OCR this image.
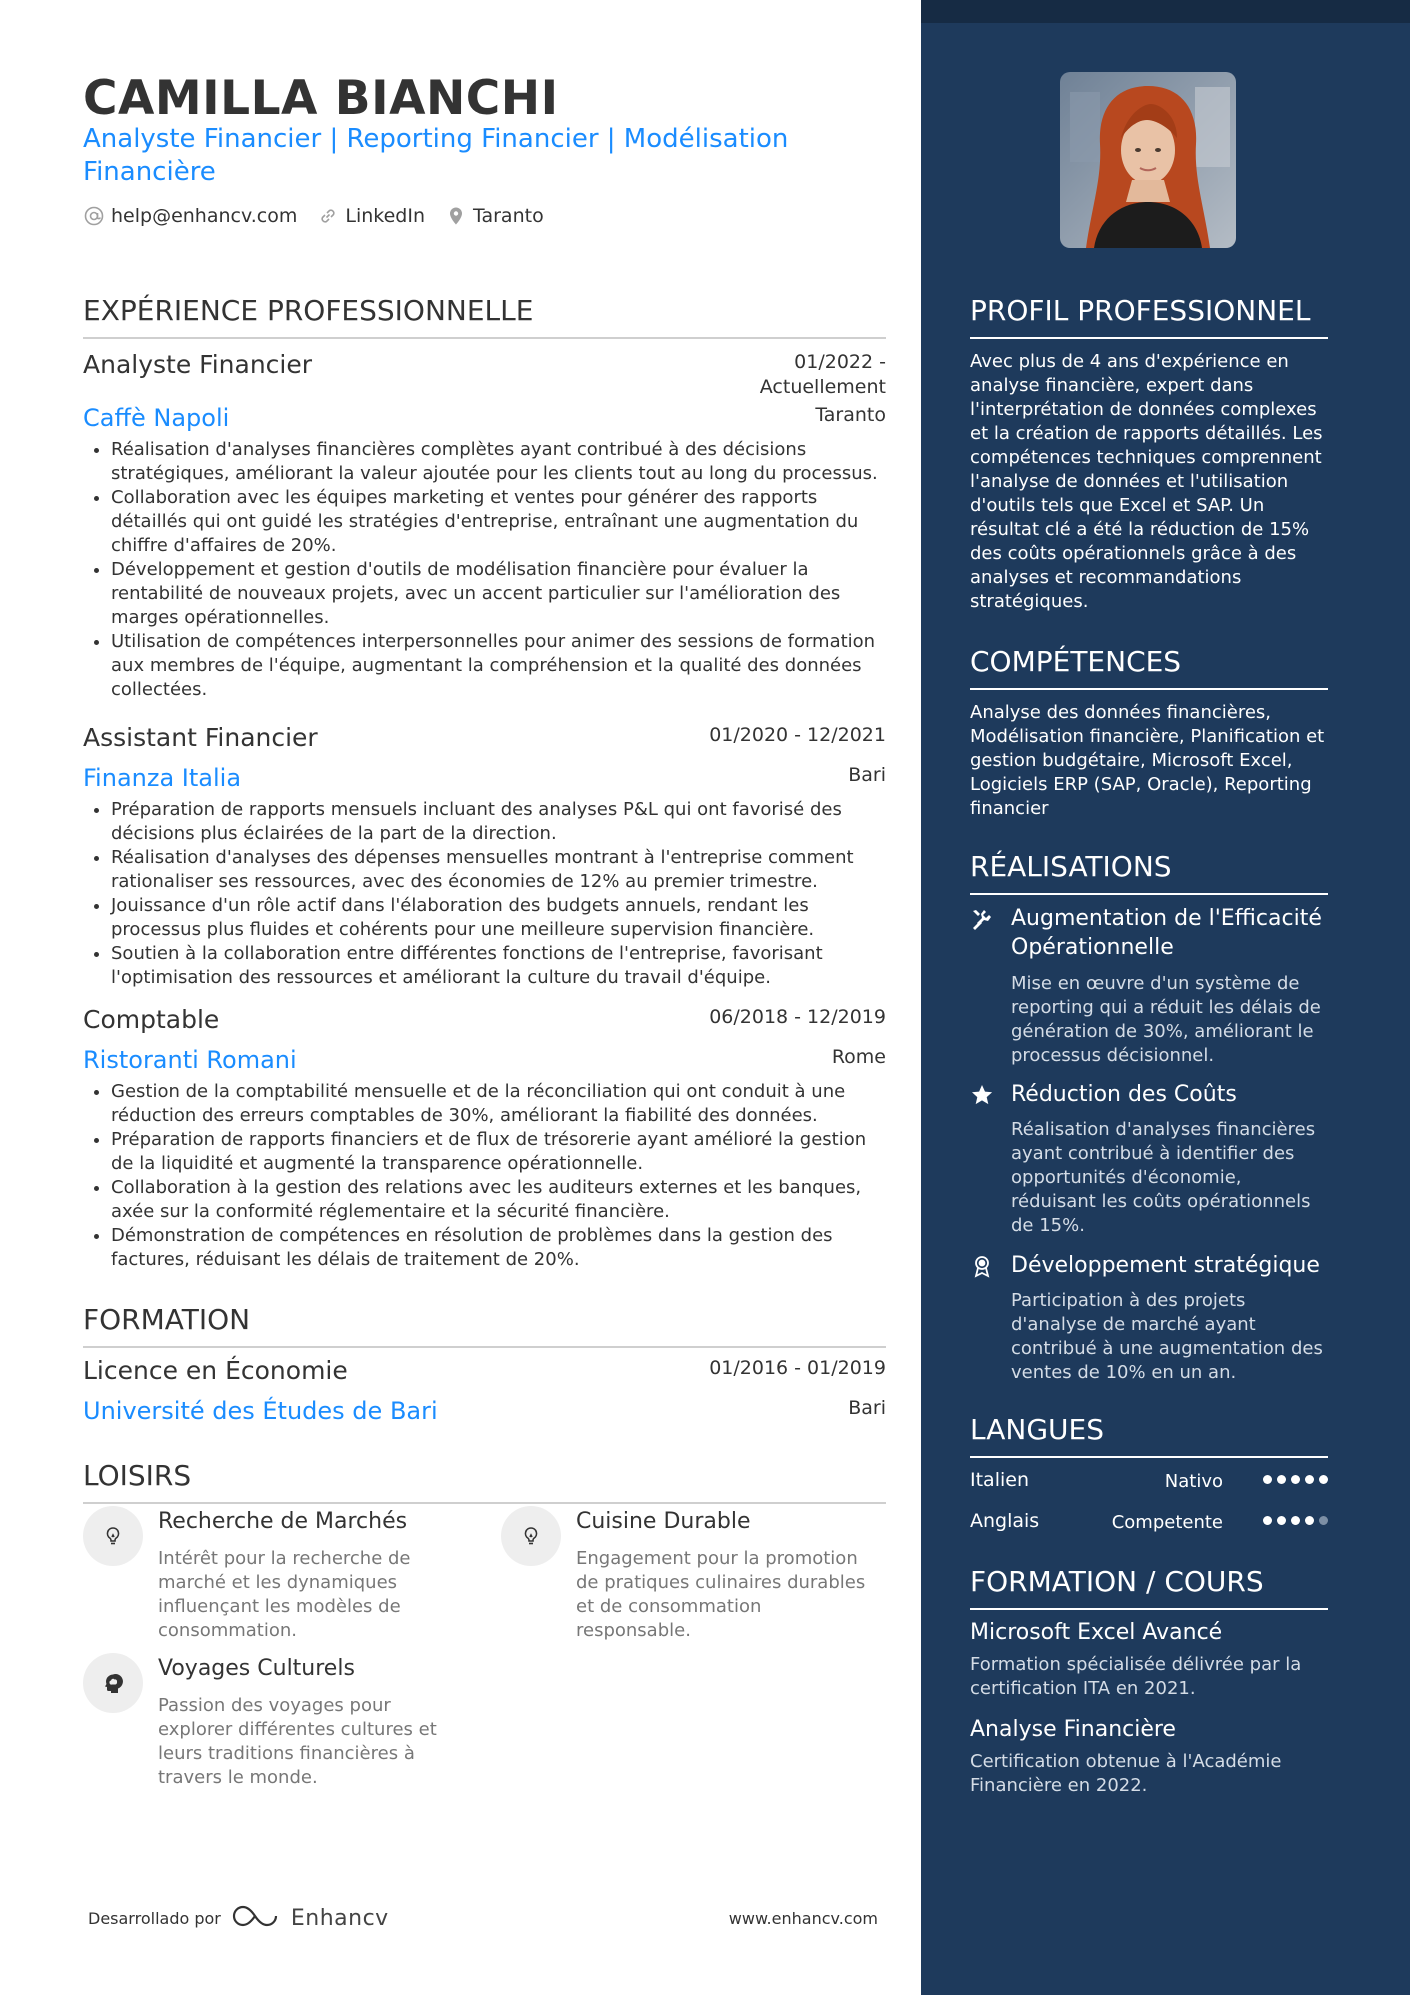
CAMILLA BIANCHI
Analyste Financier | Reporting Financier | Modélisation Financière
help@enhancv.com	LinkedIn	Taranto
EXPÉRIENCE PROFESSIONNELLE
Analyste Financier	01/2022 - Actuellement
Caffè Napoli	Taranto
• Réalisation d'analyses financières complètes ayant contribué à des décisions stratégiques, améliorant la valeur ajoutée pour les clients tout au long du processus.
• Collaboration avec les équipes marketing et ventes pour générer des rapports détaillés qui ont guidé les stratégies d'entreprise, entraînant une augmentation du chiffre d'affaires de 20%.
• Développement et gestion d'outils de modélisation financière pour évaluer la rentabilité de nouveaux projets, avec un accent particulier sur l'amélioration des marges opérationnelles.
• Utilisation de compétences interpersonnelles pour animer des sessions de formation aux membres de l'équipe, augmentant la compréhension et la qualité des données collectées.
Assistant Financier	01/2020 - 12/2021
Finanza Italia	Bari
• Préparation de rapports mensuels incluant des analyses P&L qui ont favorisé des décisions plus éclairées de la part de la direction.
• Réalisation d'analyses des dépenses mensuelles montrant à l'entreprise comment rationaliser ses ressources, avec des économies de 12% au premier trimestre.
• Jouissance d'un rôle actif dans l'élaboration des budgets annuels, rendant les processus plus fluides et cohérents pour une meilleure supervision financière.
• Soutien à la collaboration entre différentes fonctions de l'entreprise, favorisant l'optimisation des ressources et améliorant la culture du travail d'équipe.
Comptable	06/2018 - 12/2019
Ristoranti Romani	Rome
• Gestion de la comptabilité mensuelle et de la réconciliation qui ont conduit à une réduction des erreurs comptables de 30%, améliorant la fiabilité des données.
• Préparation de rapports financiers et de flux de trésorerie ayant amélioré la gestion de la liquidité et augmenté la transparence opérationnelle.
• Collaboration à la gestion des relations avec les auditeurs externes et les banques, axée sur la conformité réglementaire et la sécurité financière.
• Démonstration de compétences en résolution de problèmes dans la gestion des factures, réduisant les délais de traitement de 20%.
FORMATION
Licence en Économie	01/2016 - 01/2019
Université des Études de Bari	Bari
LOISIRS
Recherche de Marchés
Intérêt pour la recherche de marché et les dynamiques influençant les modèles de consommation.
Cuisine Durable
Engagement pour la promotion de pratiques culinaires durables et de consommation responsable.
Voyages Culturels
Passion des voyages pour explorer différentes cultures et leurs traditions financières à travers le monde.
Desarrollado por	Enhancv	www.enhancv.com
PROFIL PROFESSIONNEL
Avec plus de 4 ans d'expérience en analyse financière, expert dans l'interprétation de données complexes et la création de rapports détaillés. Les compétences techniques comprennent l'analyse de données et l'utilisation d'outils tels que Excel et SAP. Un résultat clé a été la réduction de 15% des coûts opérationnels grâce à des analyses et recommandations stratégiques.
COMPÉTENCES
Analyse des données financières, Modélisation financière, Planification et gestion budgétaire, Microsoft Excel, Logiciels ERP (SAP, Oracle), Reporting financier
RÉALISATIONS
Augmentation de l'Efficacité Opérationnelle
Mise en œuvre d'un système de reporting qui a réduit les délais de génération de 30%, améliorant le processus décisionnel.
Réduction des Coûts
Réalisation d'analyses financières ayant contribué à identifier des opportunités d'économie, réduisant les coûts opérationnels de 15%.
Développement stratégique
Participation à des projets d'analyse de marché ayant contribué à une augmentation des ventes de 10% en un an.
LANGUES
Italien	Nativo
Anglais	Competente
FORMATION / COURS
Microsoft Excel Avancé
Formation spécialisée délivrée par la certification ITA en 2021.
Analyse Financière
Certification obtenue à l'Académie Financière en 2022.
